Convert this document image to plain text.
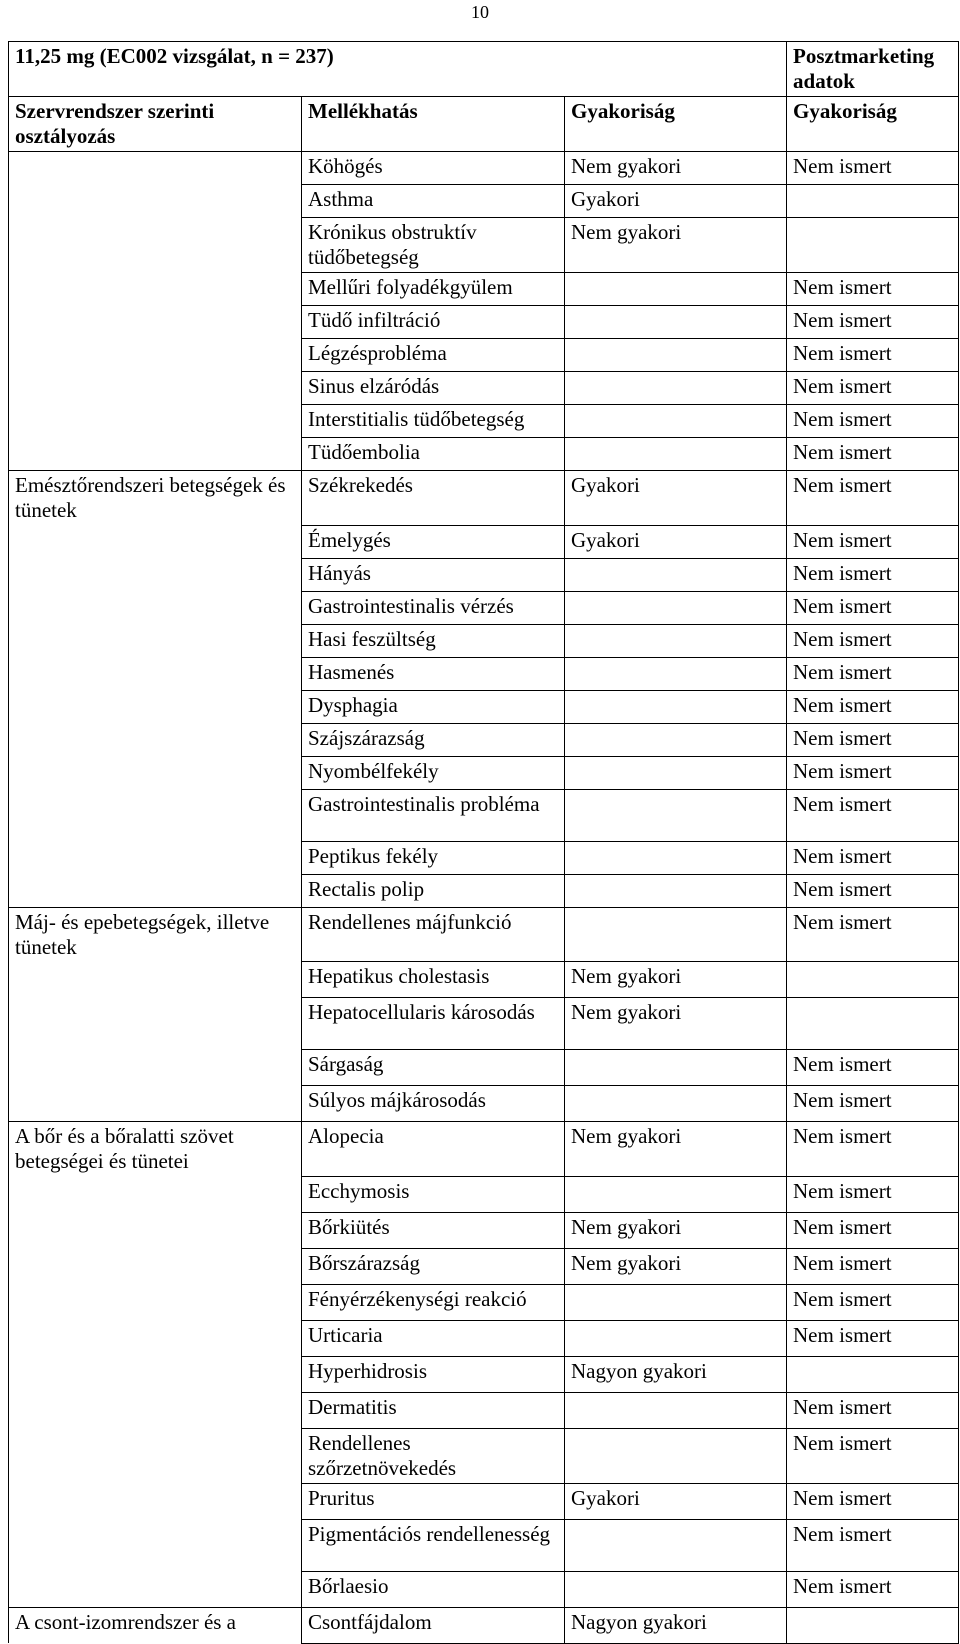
10
11,25 mg (EC002 vizsgálat, n = 237)			Posztmarketing adatok
Szervrendszer szerinti osztályozás	Mellékhatás	Gyakoriság	Gyakoriság
	Köhögés	Nem gyakori	Nem ismert
	Asthma	Gyakori	
	Krónikus obstruktív tüdőbetegség	Nem gyakori	
	Mellűri folyadékgyülem		Nem ismert
	Tüdő infiltráció		Nem ismert
	Légzésprobléma		Nem ismert
	Sinus elzáródás		Nem ismert
	Interstitialis tüdőbetegség		Nem ismert
	Tüdőembolia		Nem ismert
Emésztőrendszeri betegségek és tünetek	Székrekedés	Gyakori	Nem ismert
	Émelygés	Gyakori	Nem ismert
	Hányás		Nem ismert
	Gastrointestinalis vérzés		Nem ismert
	Hasi feszültség		Nem ismert
	Hasmenés		Nem ismert
	Dysphagia		Nem ismert
	Szájszárazság		Nem ismert
	Nyombélfekély		Nem ismert
	Gastrointestinalis probléma		Nem ismert
	Peptikus fekély		Nem ismert
	Rectalis polip		Nem ismert
Máj- és epebetegségek, illetve tünetek	Rendellenes májfunkció		Nem ismert
	Hepatikus cholestasis	Nem gyakori	
	Hepatocellularis károsodás	Nem gyakori	
	Sárgaság		Nem ismert
	Súlyos májkárosodás		Nem ismert
A bőr és a bőralatti szövet betegségei és tünetei	Alopecia	Nem gyakori	Nem ismert
	Ecchymosis		Nem ismert
	Bőrkiütés	Nem gyakori	Nem ismert
	Bőrszárazság	Nem gyakori	Nem ismert
	Fényérzékenységi reakció		Nem ismert
	Urticaria		Nem ismert
	Hyperhidrosis	Nagyon gyakori	
	Dermatitis		Nem ismert
	Rendellenes szőrzetnövekedés		Nem ismert
	Pruritus	Gyakori	Nem ismert
	Pigmentációs rendellenesség		Nem ismert
	Bőrlaesio		Nem ismert
A csont-izomrendszer és a	Csontfájdalom	Nagyon gyakori	
